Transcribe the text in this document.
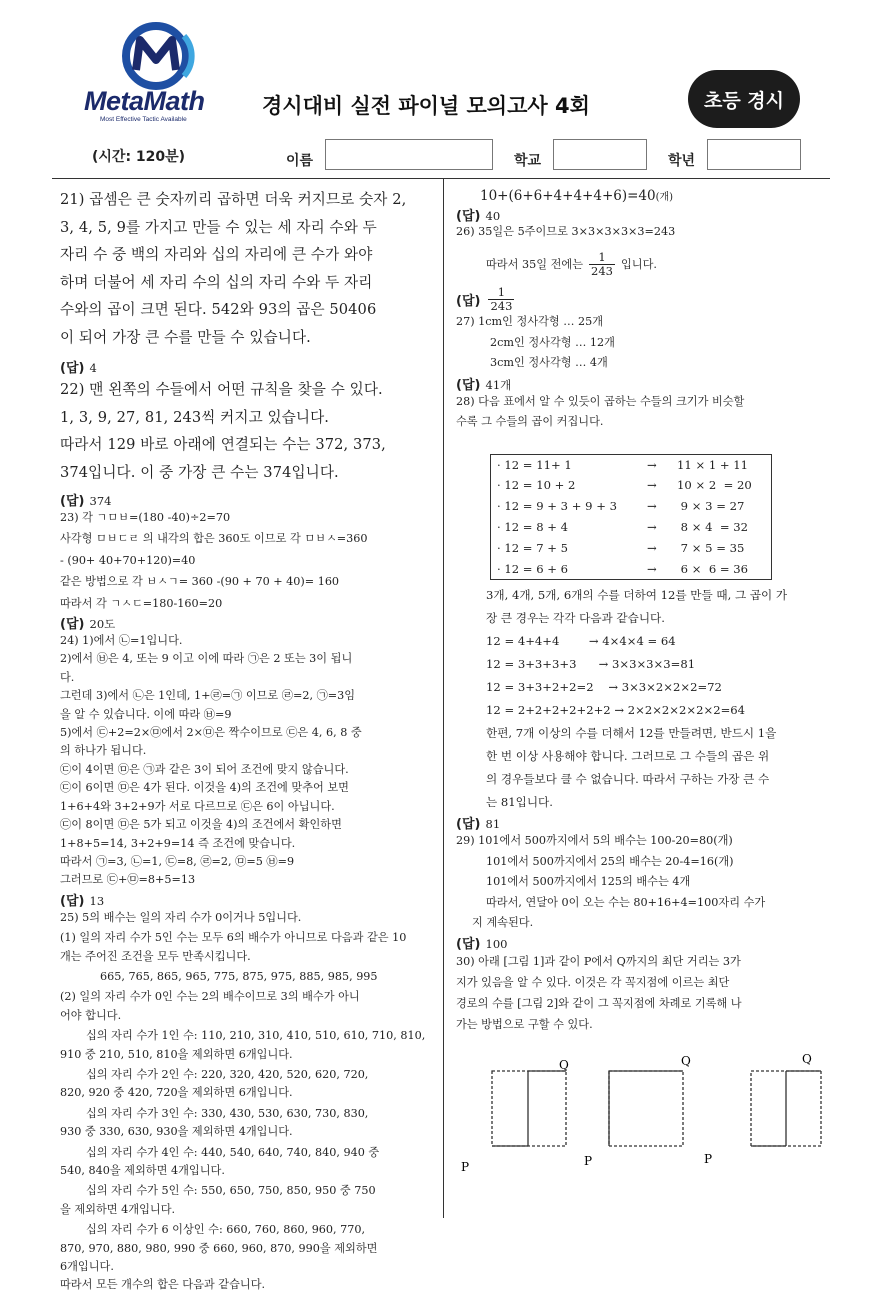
MetaMath
Most Effective Tactic Available
경시대비 실전 파이널 모의고사 4회	초등 경시
(시간: 120분)	이름	학교	학년

21) 곱셈은 큰 숫자끼리 곱하면 더욱 커지므로 숫자 2,

3, 4, 5, 9를 가지고 만들 수 있는 세 자리 수와 두

자리 수 중 백의 자리와 십의 자리에 큰 수가 와야

하며 더불어 세 자리 수의 십의 자리 수와 두 자리

수와의 곱이 크면 된다. 542와 93의 곱은 50406

이 되어 가장 큰 수를 만들 수 있습니다.

(답) 4

22) 맨 왼쪽의 수들에서 어떤 규칙을 찾을 수 있다.

1, 3, 9, 27, 81, 243씩 커지고 있습니다.

따라서 129 바로 아래에 연결되는 수는 372, 373,

374입니다. 이 중 가장 큰 수는 374입니다.

(답) 374

23) 각 ㄱㅁㅂ=(180 -40)÷2=70

사각형 ㅁㅂㄷㄹ 의 내각의 합은 360도 이므로 각 ㅁㅂㅅ=360

- (90+ 40+70+120)=40

같은 방법으로 각 ㅂㅅㄱ= 360 -(90 + 70 + 40)= 160

따라서 각 ㄱㅅㄷ=180-160=20

(답) 20도

24) 1)에서 ㉡=1입니다.

2)에서 ㉥은 4, 또는 9 이고 이에 따라 ㉠은 2 또는 3이 됩니

다.

그런데 3)에서 ㉡은 1인데, 1+㉣=㉠ 이므로 ㉣=2, ㉠=3임

을 알 수 있습니다. 이에 따라 ㉥=9

5)에서 ㉢+2=2×㉤에서 2×㉤은 짝수이므로 ㉢은 4, 6, 8 중

의 하나가 됩니다.

㉢이 4이면 ㉤은 ㉠과 같은 3이 되어 조건에 맞지 않습니다.

㉢이 6이면 ㉤은 4가 된다. 이것을 4)의 조건에 맞추어 보면

1+6+4와 3+2+9가 서로 다르므로 ㉢은 6이 아닙니다.

㉢이 8이면 ㉤은 5가 되고 이것을 4)의 조건에서 확인하면

1+8+5=14, 3+2+9=14 즉 조건에 맞습니다.

따라서 ㉠=3, ㉡=1, ㉢=8, ㉣=2, ㉤=5 ㉥=9

그러므로 ㉢+㉤=8+5=13

(답) 13

25) 5의 배수는 일의 자리 수가 0이거나 5입니다.

(1) 일의 자리 수가 5인 수는 모두 6의 배수가 아니므로 다음과 같은 10

개는 주어진 조건을 모두 만족시킵니다.

665, 765, 865, 965, 775, 875, 975, 885, 985, 995

(2) 일의 자리 수가 0인 수는 2의 배수이므로 3의 배수가 아니

어야 합니다.

십의 자리 수가 1인 수: 110, 210, 310, 410, 510, 610, 710, 810,

910 중 210, 510, 810을 제외하면 6개입니다.

십의 자리 수가 2인 수: 220, 320, 420, 520, 620, 720,

820, 920 중 420, 720을 제외하면 6개입니다.

십의 자리 수가 3인 수: 330, 430, 530, 630, 730, 830,

930 중 330, 630, 930을 제외하면 4개입니다.

십의 자리 수가 4인 수: 440, 540, 640, 740, 840, 940 중

540, 840을 제외하면 4개입니다.

십의 자리 수가 5인 수: 550, 650, 750, 850, 950 중 750

을 제외하면 4개입니다.

십의 자리 수가 6 이상인 수: 660, 760, 860, 960, 770,

870, 970, 880, 980, 990 중 660, 960, 870, 990을 제외하면

6개입니다.

따라서 모든 개수의 합은 다음과 같습니다.

10+(6+6+4+4+4+6)=40(개)
(답) 40

26) 35일은 5주이므로 3×3×3×3×3=243

따라서 35일 전에는 $\frac{1}{243}$ 입니다.

(답) $\frac{1}{243}$

27) 1cm인 정사각형 … 25개

2cm인 정사각형 … 12개

3cm인 정사각형 … 4개

(답) 41개

28) 다음 표에서 알 수 있듯이 곱하는 수들의 크기가 비슷할

수록 그 수들의 곱이 커집니다.

· 12 = 11+ 1	→	11 × 1 + 11
· 12 = 10 + 2	→	10 × 2  = 20
· 12 = 9 + 3 + 9 + 3	→	9 × 3 = 27
· 12 = 8 + 4	→	8 × 4  = 32
· 12 = 7 + 5	→	7 × 5 = 35
· 12 = 6 + 6	→	6 ×  6 = 36

3개, 4개, 5개, 6개의 수를 더하여 12를 만들 때, 그 곱이 가

장 큰 경우는 각각 다음과 같습니다.

12 = 4+4+4        → 4×4×4 = 64

12 = 3+3+3+3      → 3×3×3×3=81

12 = 3+3+2+2=2    → 3×3×2×2×2=72

12 = 2+2+2+2+2+2 → 2×2×2×2×2×2=64

한편, 7개 이상의 수를 더해서 12를 만들려면, 반드시 1을

한 번 이상 사용해야 합니다. 그러므로 그 수들의 곱은 위

의 경우들보다 클 수 없습니다. 따라서 구하는 가장 큰 수

는 81입니다.

(답) 81

29) 101에서 500까지에서 5의 배수는 100-20=80(개)

101에서 500까지에서 25의 배수는 20-4=16(개)

101에서 500까지에서 125의 배수는 4개

따라서, 연달아 0이 오는 수는 80+16+4=100자리 수가

지 계속된다.

(답) 100

30) 아래 [그림 1]과 같이 P에서 Q까지의 최단 거리는 3가

지가 있음을 알 수 있다. 이것은 각 꼭지점에 이르는 최단

경로의 수를 [그림 2]와 같이 그 꼭지점에 차례로 기록해 나

가는 방법으로 구할 수 있다.

Q	Q	Q
P	P	P
